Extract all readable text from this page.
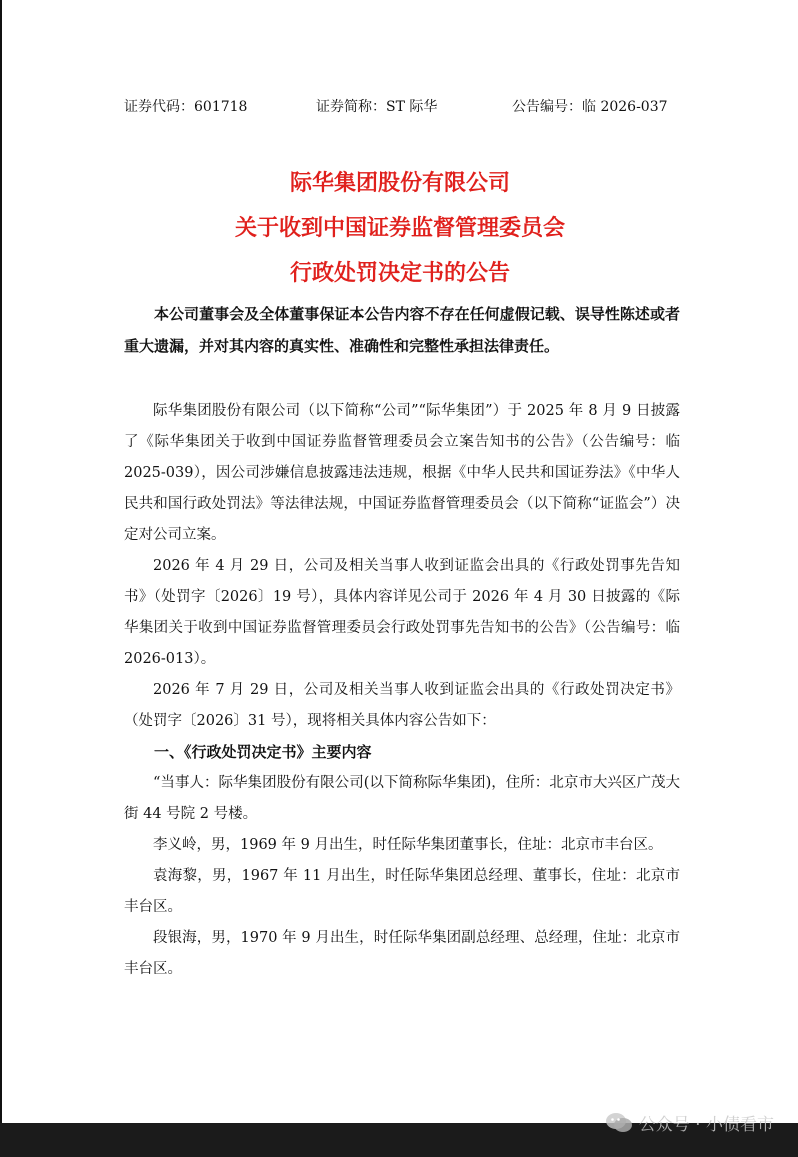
证券代码：601718	证券简称：ST 际华	公告编号：临 2026-037
际华集团股份有限公司
关于收到中国证券监督管理委员会
行政处罚决定书的公告
本公司董事会及全体董事保证本公告内容不存在任何虚假记载、误导性陈述或者重大遗漏，并对其内容的真实性、准确性和完整性承担法律责任。

际华集团股份有限公司（以下简称“公司”“际华集团”）于 2025 年 8 月 9 日披露了《际华集团关于收到中国证券监督管理委员会立案告知书的公告》（公告编号：临 2025-039），因公司涉嫌信息披露违法违规，根据《中华人民共和国证券法》《中华人民共和国行政处罚法》等法律法规，中国证券监督管理委员会（以下简称“证监会”）决定对公司立案。

2026 年 4 月 29 日，公司及相关当事人收到证监会出具的《行政处罚事先告知书》（处罚字〔2026〕19 号），具体内容详见公司于 2026 年 4 月 30 日披露的《际华集团关于收到中国证券监督管理委员会行政处罚事先告知书的公告》（公告编号：临 2026-013）。

2026 年 7 月 29 日，公司及相关当事人收到证监会出具的《行政处罚决定书》（处罚字〔2026〕31 号），现将相关具体内容公告如下：

一、《行政处罚决定书》主要内容

“当事人：际华集团股份有限公司(以下简称际华集团)，住所：北京市大兴区广茂大街 44 号院 2 号楼。

李义岭，男，1969 年 9 月出生，时任际华集团董事长，住址：北京市丰台区。

袁海黎，男，1967 年 11 月出生，时任际华集团总经理、董事长，住址：北京市丰台区。

段银海，男，1970 年 9 月出生，时任际华集团副总经理、总经理，住址：北京市丰台区。

公众号 · 小债看市
